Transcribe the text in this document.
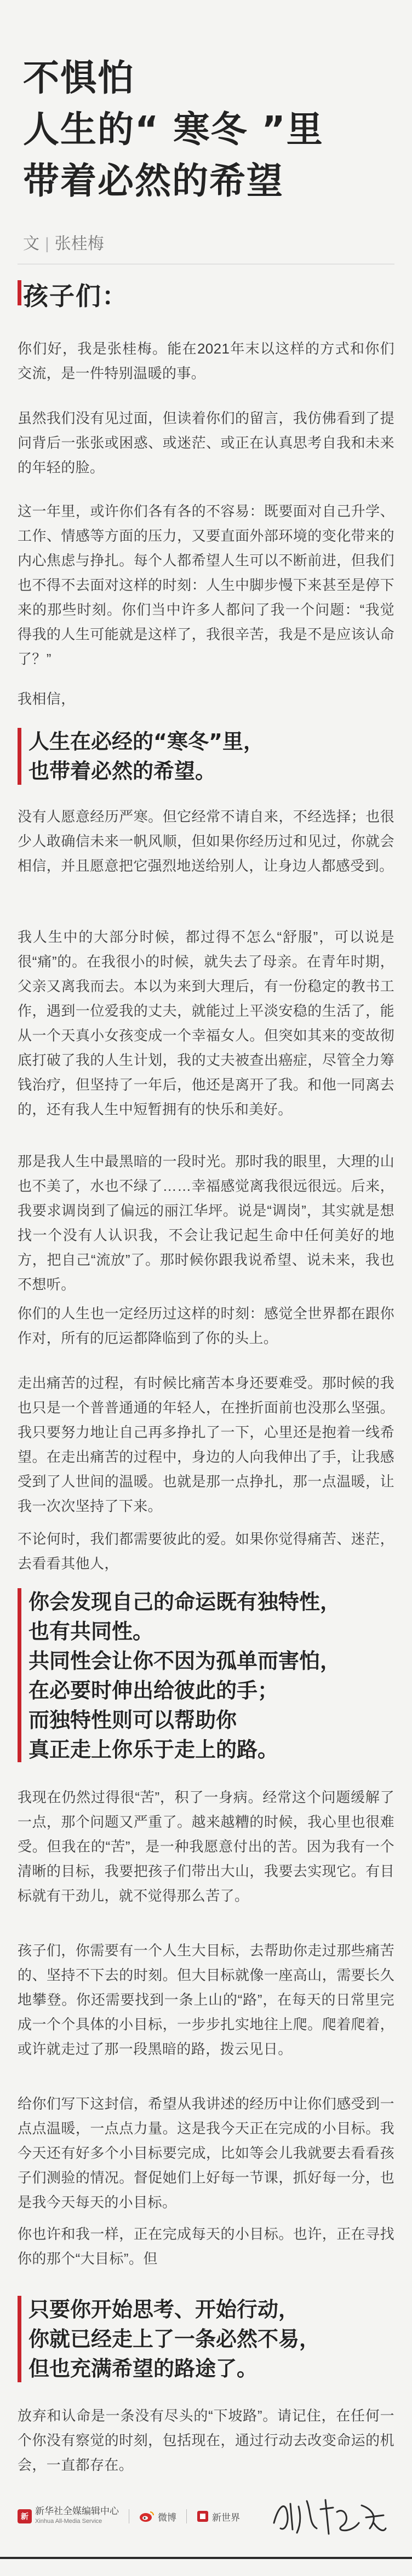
不惧怕
人生的“ 寒冬 ”里
带着必然的希望
文 | 张桂梅
孩子们：

你们好，我是张桂梅。能在2021年末以这样的方式和你们交流，是一件特别温暖的事。

虽然我们没有见过面，但读着你们的留言，我仿佛看到了提问背后一张张或困惑、或迷茫、或正在认真思考自我和未来的年轻的脸。

这一年里，或许你们各有各的不容易：既要面对自己升学、工作、情感等方面的压力，又要直面外部环境的变化带来的内心焦虑与挣扎。每个人都希望人生可以不断前进，但我们也不得不去面对这样的时刻：人生中脚步慢下来甚至是停下来的那些时刻。你们当中许多人都问了我一个问题：“我觉得我的人生可能就是这样了，我很辛苦，我是不是应该认命了？”

我相信，

人生在必经的“寒冬”里，
也带着必然的希望。

没有人愿意经历严寒。但它经常不请自来，不经选择；也很少人敢确信未来一帆风顺，但如果你经历过和见过，你就会相信，并且愿意把它强烈地送给别人，让身边人都感受到。

我人生中的大部分时候，都过得不怎么“舒服”，可以说是很“痛”的。在我很小的时候，就失去了母亲。在青年时期，父亲又离我而去。本以为来到大理后，有一份稳定的教书工作，遇到一位爱我的丈夫，就能过上平淡安稳的生活了，能从一个天真小女孩变成一个幸福女人。但突如其来的变故彻底打破了我的人生计划，我的丈夫被查出癌症，尽管全力筹钱治疗，但坚持了一年后，他还是离开了我。和他一同离去的，还有我人生中短暂拥有的快乐和美好。

那是我人生中最黑暗的一段时光。那时我的眼里，大理的山也不美了，水也不绿了……幸福感觉离我很远很远。后来，我要求调岗到了偏远的丽江华坪。说是“调岗”，其实就是想找一个没有人认识我，不会让我记起生命中任何美好的地方，把自己“流放”了。那时候你跟我说希望、说未来，我也不想听。

你们的人生也一定经历过这样的时刻：感觉全世界都在跟你作对，所有的厄运都降临到了你的头上。

走出痛苦的过程，有时候比痛苦本身还要难受。那时候的我也只是一个普普通通的年轻人，在挫折面前也没那么坚强。我只要努力地让自己再多挣扎了一下，心里还是抱着一线希望。在走出痛苦的过程中，身边的人向我伸出了手，让我感受到了人世间的温暖。也就是那一点挣扎，那一点温暖，让我一次次坚持了下来。

不论何时，我们都需要彼此的爱。如果你觉得痛苦、迷茫，去看看其他人，

你会发现自己的命运既有独特性，
也有共同性。
共同性会让你不因为孤单而害怕，
在必要时伸出给彼此的手；
而独特性则可以帮助你
真正走上你乐于走上的路。

我现在仍然过得很“苦”，积了一身病。经常这个问题缓解了一点，那个问题又严重了。越来越糟的时候，我心里也很难受。但我在的“苦”，是一种我愿意付出的苦。因为我有一个清晰的目标，我要把孩子们带出大山，我要去实现它。有目标就有干劲儿，就不觉得那么苦了。

孩子们，你需要有一个人生大目标，去帮助你走过那些痛苦的、坚持不下去的时刻。但大目标就像一座高山，需要长久地攀登。你还需要找到一条上山的“路”，在每天的日常里完成一个个具体的小目标，一步步扎实地往上爬。爬着爬着，或许就走过了那一段黑暗的路，拨云见日。

给你们写下这封信，希望从我讲述的经历中让你们感受到一点点温暖，一点点力量。这是我今天正在完成的小目标。我今天还有好多个小目标要完成，比如等会儿我就要去看看孩子们测验的情况。督促她们上好每一节课，抓好每一分，也是我今天每天的小目标。

你也许和我一样，正在完成每天的小目标。也许，正在寻找你的那个“大目标”。但

只要你开始思考、开始行动，
你就已经走上了一条必然不易，
但也充满希望的路途了。

放弃和认命是一条没有尽头的“下坡路”。请记住，在任何一个你没有察觉的时刻，包括现在，通过行动去改变命运的机会，一直都存在。

新 新华社全媒编辑中心
Xinhua All-Media Service	微博	新世界
